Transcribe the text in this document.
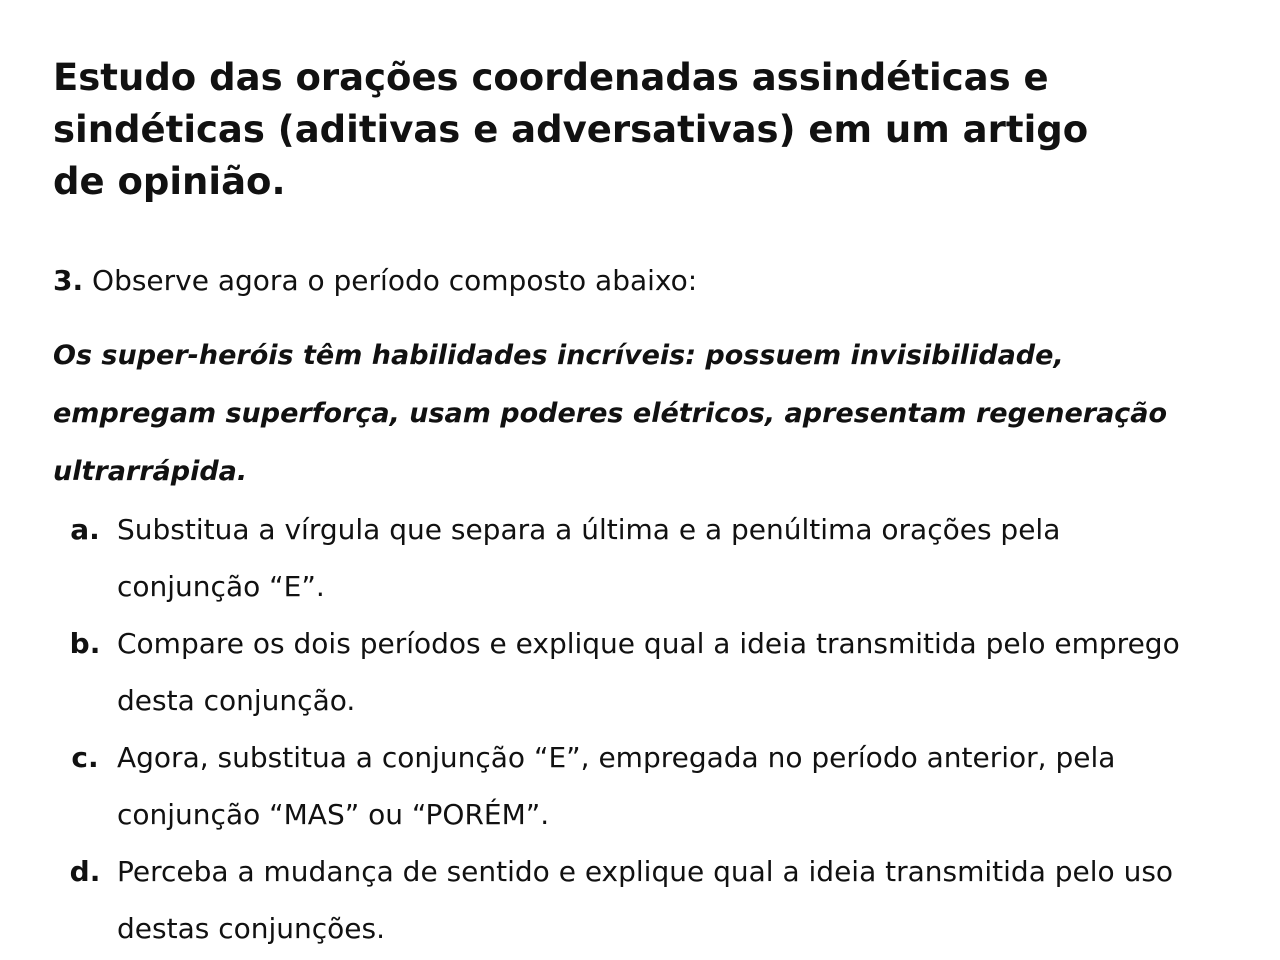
Estudo das orações coordenadas assindéticas e sindéticas (aditivas e adversativas) em um artigo de opinião.
3. Observe agora o período composto abaixo:
Os super-heróis têm habilidades incríveis: possuem invisibilidade, empregam superforça, usam poderes elétricos, apresentam regeneração ultrarrápida.
a. Substitua a vírgula que separa a última e a penúltima orações pela conjunção “E”.
b. Compare os dois períodos e explique qual a ideia transmitida pelo emprego desta conjunção.
c. Agora, substitua a conjunção “E”, empregada no período anterior, pela conjunção “MAS” ou “PORÉM”.
d. Perceba a mudança de sentido e explique qual a ideia transmitida pelo uso destas conjunções.
